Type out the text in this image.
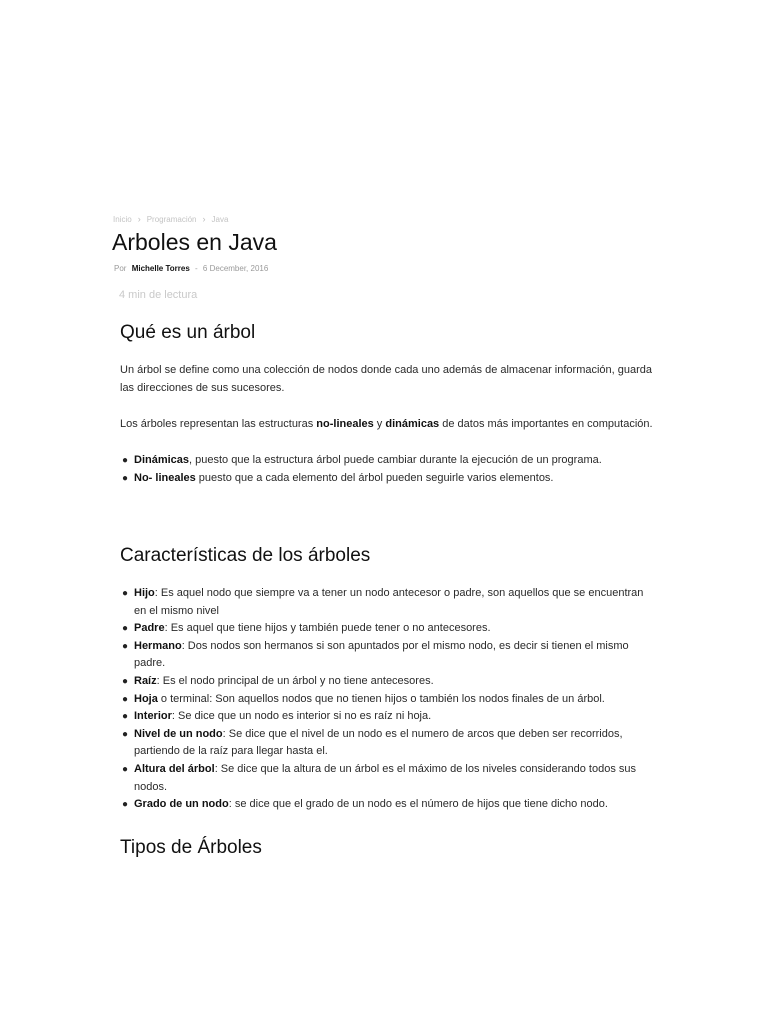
Inicio › Programación › Java
Arboles en Java
Por Michelle Torres - 6 December, 2016
4 min de lectura
Qué es un árbol

Un árbol se define como una colección de nodos donde cada uno además de almacenar información, guarda las direcciones de sus sucesores.

Los árboles representan las estructuras no-lineales y dinámicas de datos más importantes en computación.

● Dinámicas, puesto que la estructura árbol puede cambiar durante la ejecución de un programa.
● No- lineales puesto que a cada elemento del árbol pueden seguirle varios elementos.
Características de los árboles
● Hijo: Es aquel nodo que siempre va a tener un nodo antecesor o padre, son aquellos que se encuentran en el mismo nivel
● Padre: Es aquel que tiene hijos y también puede tener o no antecesores.
● Hermano: Dos nodos son hermanos si son apuntados por el mismo nodo, es decir si tienen el mismo padre.
● Raíz: Es el nodo principal de un árbol y no tiene antecesores.
● Hoja o terminal: Son aquellos nodos que no tienen hijos o también los nodos finales de un árbol.
● Interior: Se dice que un nodo es interior si no es raíz ni hoja.
● Nivel de un nodo: Se dice que el nivel de un nodo es el numero de arcos que deben ser recorridos, partiendo de la raíz para llegar hasta el.
● Altura del árbol: Se dice que la altura de un árbol es el máximo de los niveles considerando todos sus nodos.
● Grado de un nodo: se dice que el grado de un nodo es el número de hijos que tiene dicho nodo.
Tipos de Árboles
